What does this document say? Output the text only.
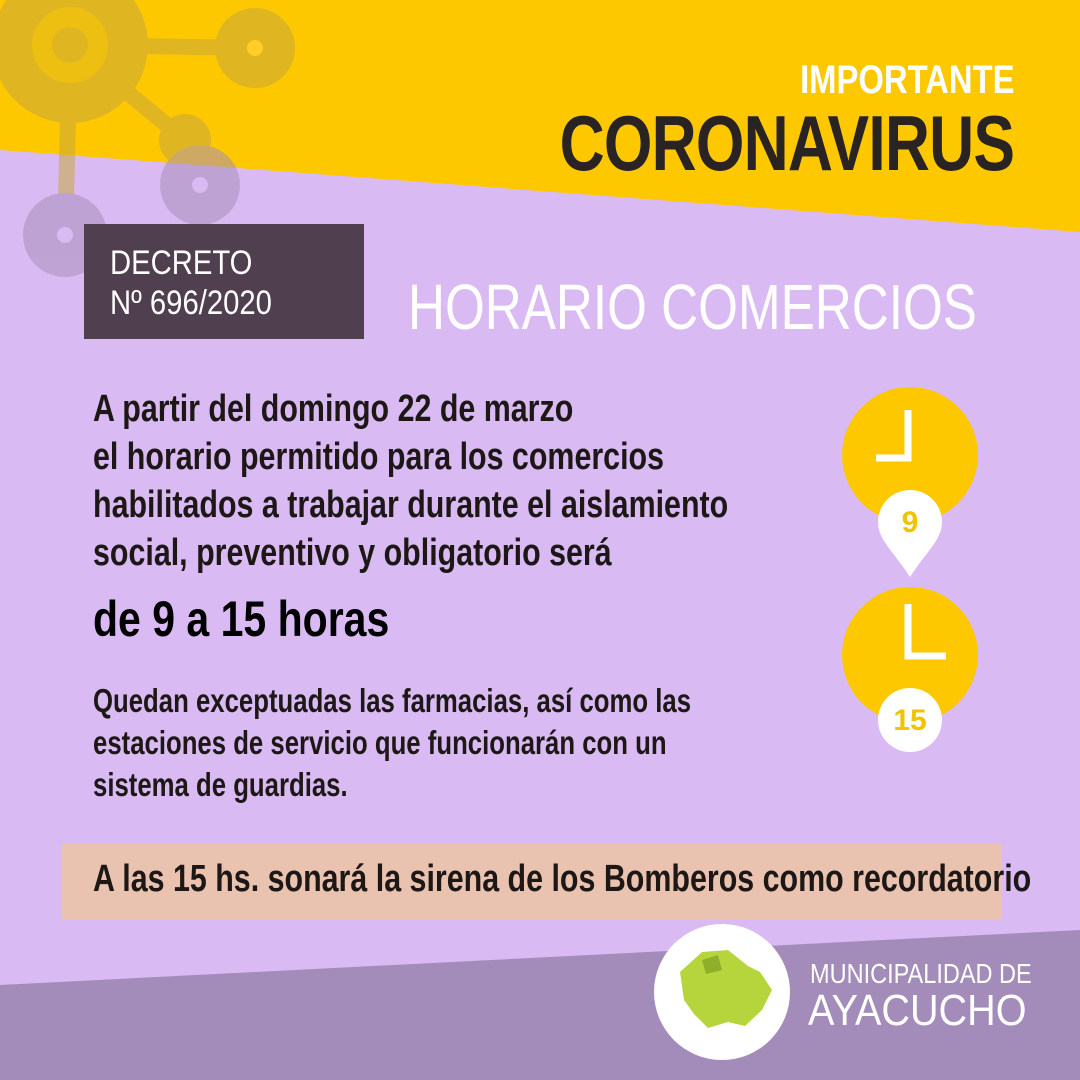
IMPORTANTE
CORONAVIRUS
DECRETO
Nº 696/2020 HORARIO COMERCIOS
A partir del domingo 22 de marzo
el horario permitido para los comercios
habilitados a trabajar durante el aislamiento
social, preventivo y obligatorio será
de 9 a 15 horas
Quedan exceptuadas las farmacias, así como las
estaciones de servicio que funcionarán con un
sistema de guardias.
9
15
A las 15 hs. sonará la sirena de los Bomberos como recordatorio
MUNICIPALIDAD DE
AYACUCHO
